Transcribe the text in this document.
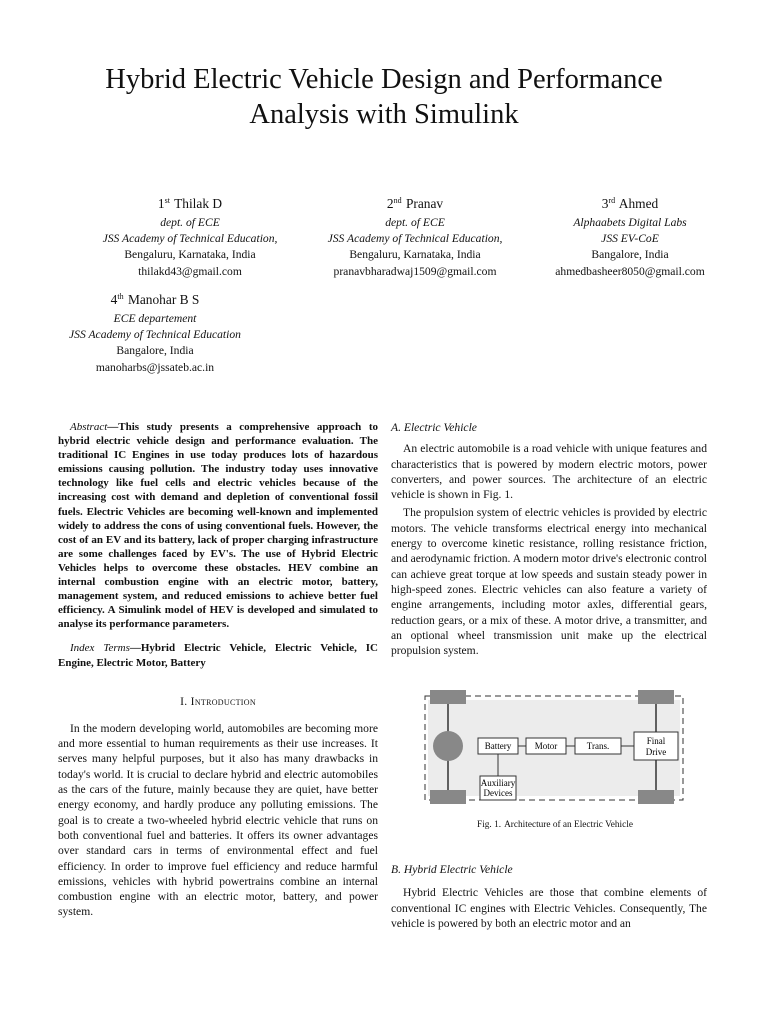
Hybrid Electric Vehicle Design and Performance
Analysis with Simulink
1st Thilak D
dept. of ECE
JSS Academy of Technical Education,
Bengaluru, Karnataka, India
thilakd43@gmail.com
2nd Pranav
dept. of ECE
JSS Academy of Technical Education,
Bengaluru, Karnataka, India
pranavbharadwaj1509@gmail.com
3rd Ahmed
Alphaabets Digital Labs
JSS EV-CoE
Bangalore, India
ahmedbasheer8050@gmail.com
4th Manohar B S
ECE departement
JSS Academy of Technical Education
Bangalore, India
manoharbs@jssateb.ac.in
Abstract—This study presents a comprehensive approach to hybrid electric vehicle design and performance evaluation. The traditional IC Engines in use today produces lots of hazardous emissions causing pollution. The industry today uses innovative technology like fuel cells and electric vehicles because of the increasing cost with demand and depletion of conventional fossil fuels. Electric Vehicles are becoming well-known and implemented widely to address the cons of using conventional fuels. However, the cost of an EV and its battery, lack of proper charging infrastructure are some challenges faced by EV's. The use of Hybrid Electric Vehicles helps to overcome these obstacles. HEV combine an internal combustion engine with an electric motor, battery, management system, and reduced emissions to achieve better fuel efficiency. A Simulink model of HEV is developed and simulated to analyse its performance parameters.
Index Terms—Hybrid Electric Vehicle, Electric Vehicle, IC Engine, Electric Motor, Battery
I. Introduction

In the modern developing world, automobiles are becoming more and more essential to human requirements as their use increases. It serves many helpful purposes, but it also has many drawbacks in today's world. It is crucial to declare hybrid and electric automobiles as the cars of the future, mainly because they are quiet, have better energy economy, and hardly produce any polluting emissions. The goal is to create a two-wheeled hybrid electric vehicle that runs on both conventional fuel and batteries. It offers its owner advantages over standard cars in terms of environmental effect and fuel efficiency. In order to improve fuel efficiency and reduce harmful emissions, vehicles with hybrid powertrains combine an internal combustion engine with an electric motor, battery, and power system.

A. Electric Vehicle

An electric automobile is a road vehicle with unique features and characteristics that is powered by modern electric motors, power converters, and power sources. The architecture of an electric vehicle is shown in Fig. 1.

The propulsion system of electric vehicles is provided by electric motors. The vehicle transforms electrical energy into mechanical energy to overcome kinetic resistance, rolling resistance friction, and aerodynamic friction. A modern motor drive's electronic control can achieve great torque at low speeds and sustain steady power in high-speed zones. Electric vehicles can also feature a variety of engine arrangements, including motor axles, differential gears, reduction gears, or a mix of these. A motor drive, a transmitter, and an optional wheel transmission unit make up the electrical propulsion system.

Battery	Motor	Trans.	Final
Drive
Auxiliary
Devices
Fig. 1. Architecture of an Electric Vehicle
B. Hybrid Electric Vehicle

Hybrid Electric Vehicles are those that combine elements of conventional IC engines with Electric Vehicles. Consequently, The vehicle is powered by both an electric motor and an
